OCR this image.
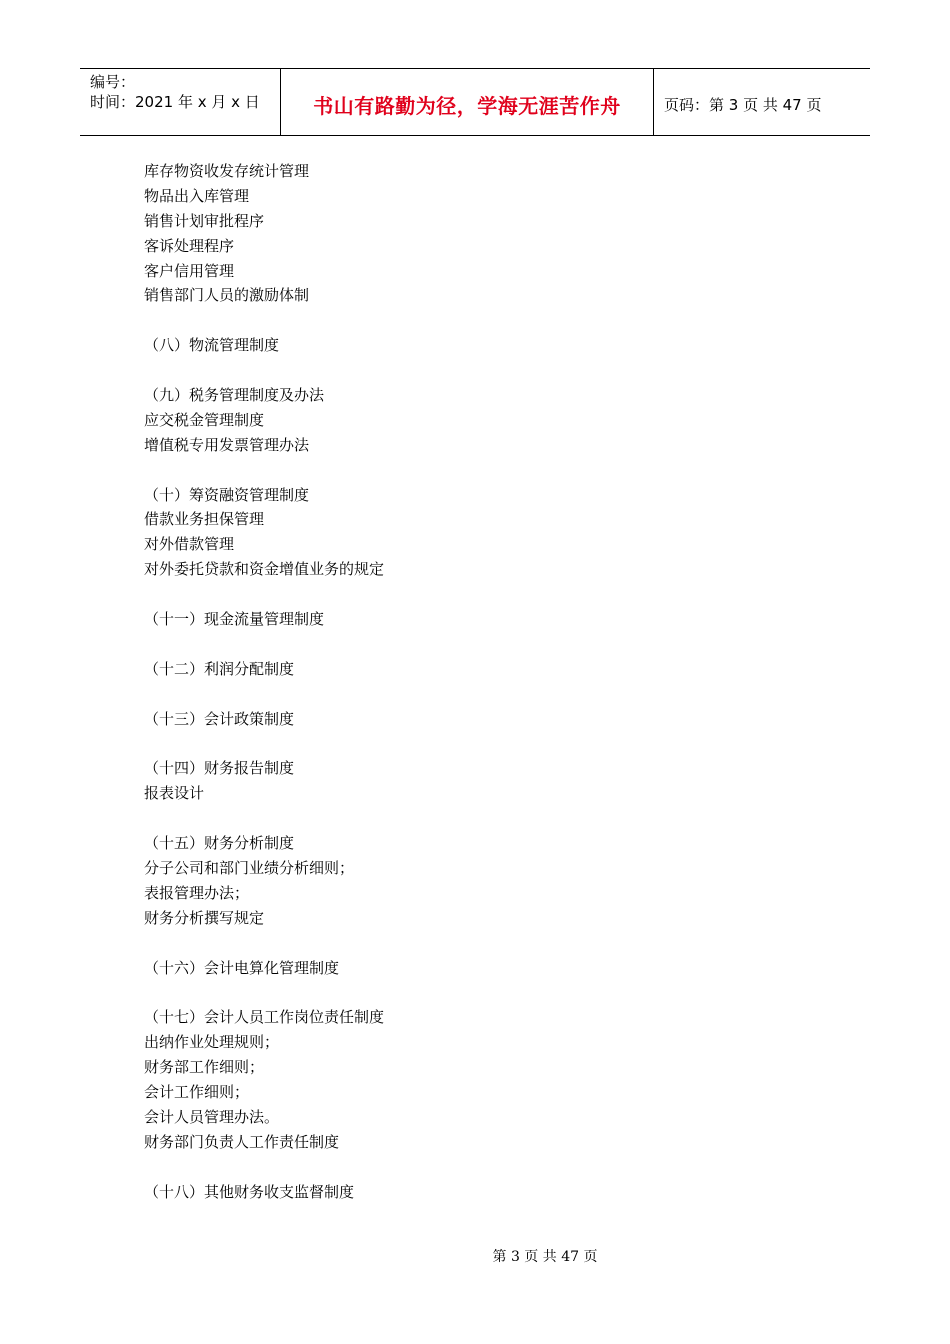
编号：
时间：2021 年 x 月 x 日	书山有路勤为径，学海无涯苦作舟	页码：第 3 页 共 47 页
库存物资收发存统计管理
物品出入库管理
销售计划审批程序
客诉处理程序
客户信用管理
销售部门人员的激励体制
（八）物流管理制度
（九）税务管理制度及办法
应交税金管理制度
增值税专用发票管理办法
（十）筹资融资管理制度
借款业务担保管理
对外借款管理
对外委托贷款和资金增值业务的规定
（十一）现金流量管理制度
（十二）利润分配制度
（十三）会计政策制度
（十四）财务报告制度
报表设计
（十五）财务分析制度
分子公司和部门业绩分析细则；
表报管理办法；
财务分析撰写规定
（十六）会计电算化管理制度
（十七）会计人员工作岗位责任制度
出纳作业处理规则；
财务部工作细则；
会计工作细则；
会计人员管理办法。
财务部门负责人工作责任制度
（十八）其他财务收支监督制度
第 3 页 共 47 页
